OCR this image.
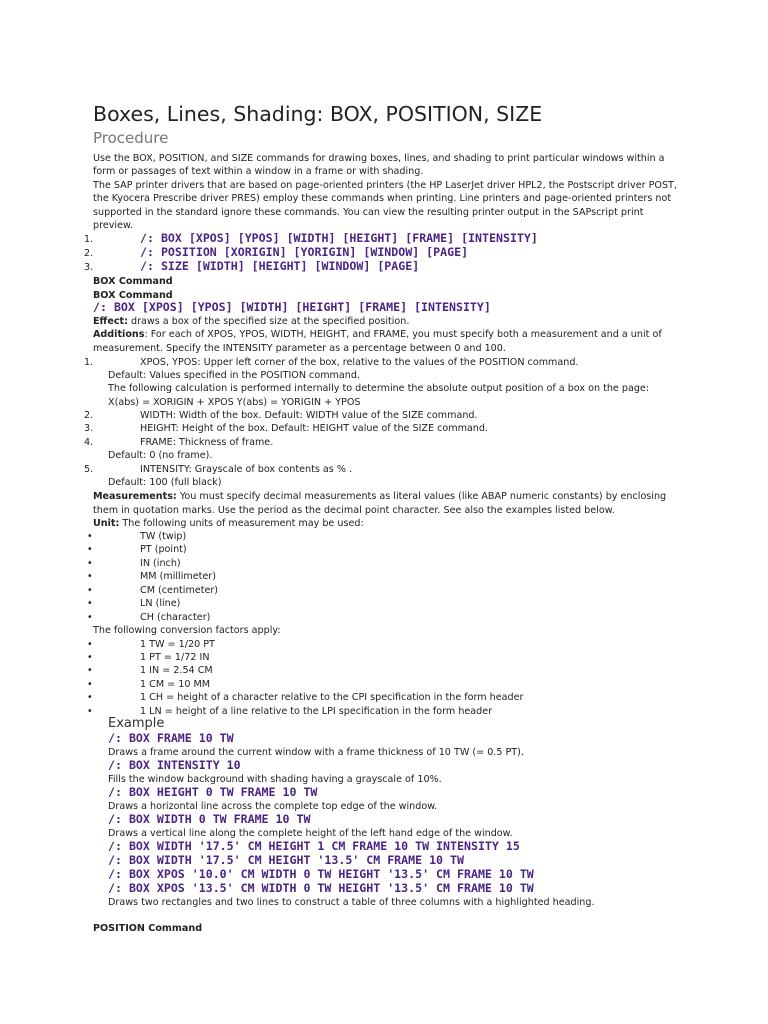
Boxes, Lines, Shading: BOX, POSITION, SIZE
Procedure

Use the BOX, POSITION, and SIZE commands for drawing boxes, lines, and shading to print particular windows within a form or passages of text within a window in a frame or with shading.

The SAP printer drivers that are based on page-oriented printers (the HP LaserJet driver HPL2, the Postscript driver POST, the Kyocera Prescribe driver PRES) employ these commands when printing. Line printers and page-oriented printers not supported in the standard ignore these commands. You can view the resulting printer output in the SAPscript print preview.

1.	/: BOX [XPOS] [YPOS] [WIDTH] [HEIGHT] [FRAME] [INTENSITY]
2.	/: POSITION [XORIGIN] [YORIGIN] [WINDOW] [PAGE]
3.	/: SIZE [WIDTH] [HEIGHT] [WINDOW] [PAGE]
BOX Command
BOX Command
/: BOX [XPOS] [YPOS] [WIDTH] [HEIGHT] [FRAME] [INTENSITY]
Effect: draws a box of the specified size at the specified position.

Additions: For each of XPOS, YPOS, WIDTH, HEIGHT, and FRAME, you must specify both a measurement and a unit of measurement. Specify the INTENSITY parameter as a percentage between 0 and 100.

1.	XPOS, YPOS: Upper left corner of the box, relative to the values of the POSITION command.
Default: Values specified in the POSITION command.
The following calculation is performed internally to determine the absolute output position of a box on the page:
X(abs) = XORIGIN + XPOS Y(abs) = YORIGIN + YPOS
2.	WIDTH: Width of the box. Default: WIDTH value of the SIZE command.
3.	HEIGHT: Height of the box. Default: HEIGHT value of the SIZE command.
4.	FRAME: Thickness of frame.
Default: 0 (no frame).
5.	INTENSITY: Grayscale of box contents as % .
Default: 100 (full black)

Measurements: You must specify decimal measurements as literal values (like ABAP numeric constants) by enclosing them in quotation marks. Use the period as the decimal point character. See also the examples listed below.

Unit: The following units of measurement may be used:
•	TW (twip)
•	PT (point)
•	IN (inch)
•	MM (millimeter)
•	CM (centimeter)
•	LN (line)
•	CH (character)
The following conversion factors apply:
•	1 TW = 1/20 PT
•	1 PT = 1/72 IN
•	1 IN = 2.54 CM
•	1 CM = 10 MM
•	1 CH = height of a character relative to the CPI specification in the form header
•	1 LN = height of a line relative to the LPI specification in the form header
Example
/: BOX FRAME 10 TW
Draws a frame around the current window with a frame thickness of 10 TW (= 0.5 PT).
/: BOX INTENSITY 10
Fills the window background with shading having a grayscale of 10%.
/: BOX HEIGHT 0 TW FRAME 10 TW
Draws a horizontal line across the complete top edge of the window.
/: BOX WIDTH 0 TW FRAME 10 TW
Draws a vertical line along the complete height of the left hand edge of the window.
/: BOX WIDTH '17.5' CM HEIGHT 1 CM FRAME 10 TW INTENSITY 15
/: BOX WIDTH '17.5' CM HEIGHT '13.5' CM FRAME 10 TW
/: BOX XPOS '10.0' CM WIDTH 0 TW HEIGHT '13.5' CM FRAME 10 TW
/: BOX XPOS '13.5' CM WIDTH 0 TW HEIGHT '13.5' CM FRAME 10 TW
Draws two rectangles and two lines to construct a table of three columns with a highlighted heading.
POSITION Command
